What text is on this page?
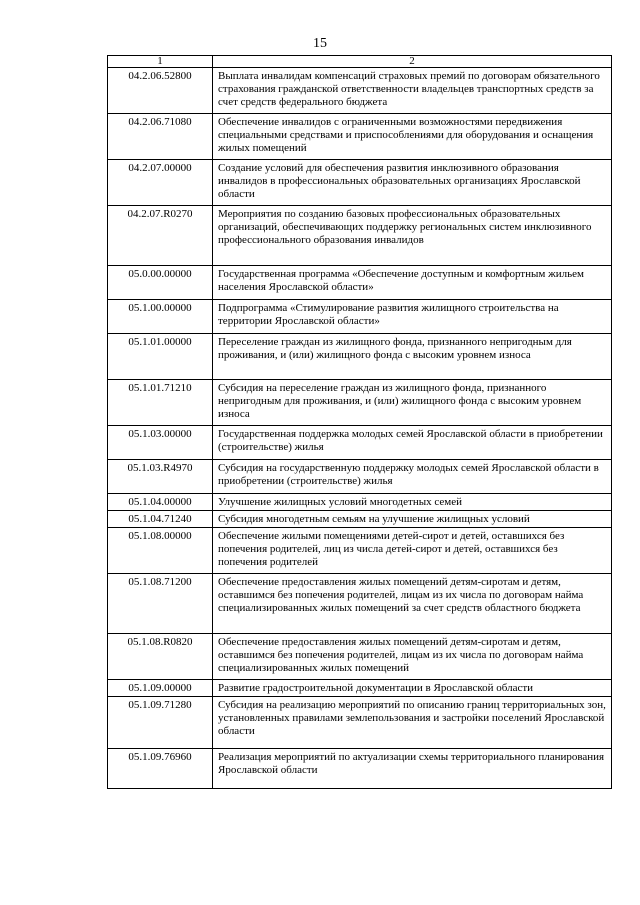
15
1	2
04.2.06.52800	Выплата инвалидам компенсаций страховых премий по договорам обязательного страхования гражданской ответственности владельцев транспортных средств за счет средств федерального бюджета
04.2.06.71080	Обеспечение инвалидов с ограниченными возможностями передвижения специальными средствами и приспособлениями для оборудования и оснащения жилых помещений
04.2.07.00000	Создание условий для обеспечения развития инклюзивного образования инвалидов в профессиональных образовательных организациях Ярославской области
04.2.07.R0270	Мероприятия по созданию базовых профессиональных образовательных организаций, обеспечивающих поддержку региональных систем инклюзивного профессионального образования инвалидов
05.0.00.00000	Государственная программа «Обеспечение доступным и комфортным жильем населения Ярославской области»
05.1.00.00000	Подпрограмма «Стимулирование развития жилищного строительства на территории Ярославской области»
05.1.01.00000	Переселение граждан из жилищного фонда, признанного непригодным для проживания, и (или) жилищного фонда с высоким уровнем износа
05.1.01.71210	Субсидия на переселение граждан из жилищного фонда, признанного непригодным для проживания, и (или) жилищного фонда с высоким уровнем износа
05.1.03.00000	Государственная поддержка молодых семей Ярославской области в приобретении (строительстве) жилья
05.1.03.R4970	Субсидия на государственную поддержку молодых семей Ярославской области в приобретении (строительстве) жилья
05.1.04.00000	Улучшение жилищных условий многодетных семей
05.1.04.71240	Субсидия многодетным семьям на улучшение жилищных условий
05.1.08.00000	Обеспечение жилыми помещениями детей-сирот и детей, оставшихся без попечения родителей, лиц из числа детей-сирот и детей, оставшихся без попечения родителей
05.1.08.71200	Обеспечение предоставления жилых помещений детям-сиротам и детям, оставшимся без попечения родителей, лицам из их числа по договорам найма специализированных жилых помещений за счет средств областного бюджета
05.1.08.R0820	Обеспечение предоставления жилых помещений детям-сиротам и детям, оставшимся без попечения родителей, лицам из их числа по договорам найма специализированных жилых помещений
05.1.09.00000	Развитие градостроительной документации в Ярославской области
05.1.09.71280	Субсидия на реализацию мероприятий по описанию границ территориальных зон, установленных правилами землепользования и застройки поселений Ярославской области
05.1.09.76960	Реализация мероприятий по актуализации схемы территориального планирования Ярославской области
